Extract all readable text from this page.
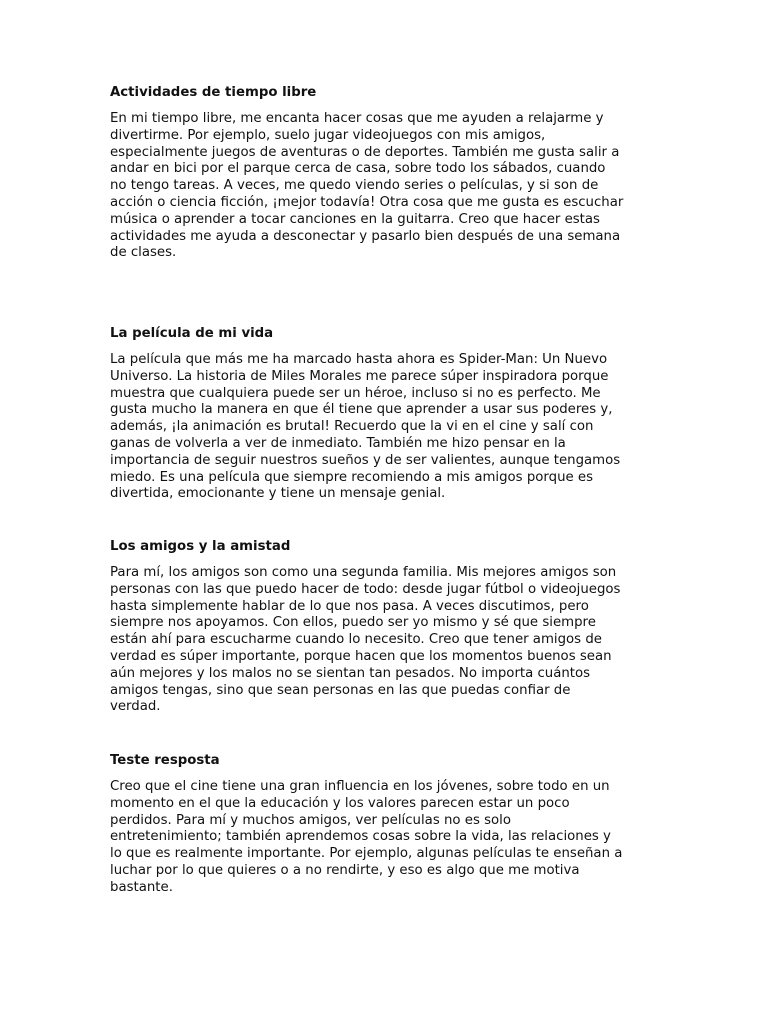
Actividades de tiempo libre

En mi tiempo libre, me encanta hacer cosas que me ayuden a relajarme y
divertirme. Por ejemplo, suelo jugar videojuegos con mis amigos,
especialmente juegos de aventuras o de deportes. También me gusta salir a
andar en bici por el parque cerca de casa, sobre todo los sábados, cuando
no tengo tareas. A veces, me quedo viendo series o películas, y si son de
acción o ciencia ficción, ¡mejor todavía! Otra cosa que me gusta es escuchar
música o aprender a tocar canciones en la guitarra. Creo que hacer estas
actividades me ayuda a desconectar y pasarlo bien después de una semana
de clases.

La película de mi vida

La película que más me ha marcado hasta ahora es Spider-Man: Un Nuevo
Universo. La historia de Miles Morales me parece súper inspiradora porque
muestra que cualquiera puede ser un héroe, incluso si no es perfecto. Me
gusta mucho la manera en que él tiene que aprender a usar sus poderes y,
además, ¡la animación es brutal! Recuerdo que la vi en el cine y salí con
ganas de volverla a ver de inmediato. También me hizo pensar en la
importancia de seguir nuestros sueños y de ser valientes, aunque tengamos
miedo. Es una película que siempre recomiendo a mis amigos porque es
divertida, emocionante y tiene un mensaje genial.

Los amigos y la amistad

Para mí, los amigos son como una segunda familia. Mis mejores amigos son
personas con las que puedo hacer de todo: desde jugar fútbol o videojuegos
hasta simplemente hablar de lo que nos pasa. A veces discutimos, pero
siempre nos apoyamos. Con ellos, puedo ser yo mismo y sé que siempre
están ahí para escucharme cuando lo necesito. Creo que tener amigos de
verdad es súper importante, porque hacen que los momentos buenos sean
aún mejores y los malos no se sientan tan pesados. No importa cuántos
amigos tengas, sino que sean personas en las que puedas confiar de
verdad.

Teste resposta

Creo que el cine tiene una gran influencia en los jóvenes, sobre todo en un
momento en el que la educación y los valores parecen estar un poco
perdidos. Para mí y muchos amigos, ver películas no es solo
entretenimiento; también aprendemos cosas sobre la vida, las relaciones y
lo que es realmente importante. Por ejemplo, algunas películas te enseñan a
luchar por lo que quieres o a no rendirte, y eso es algo que me motiva
bastante.
